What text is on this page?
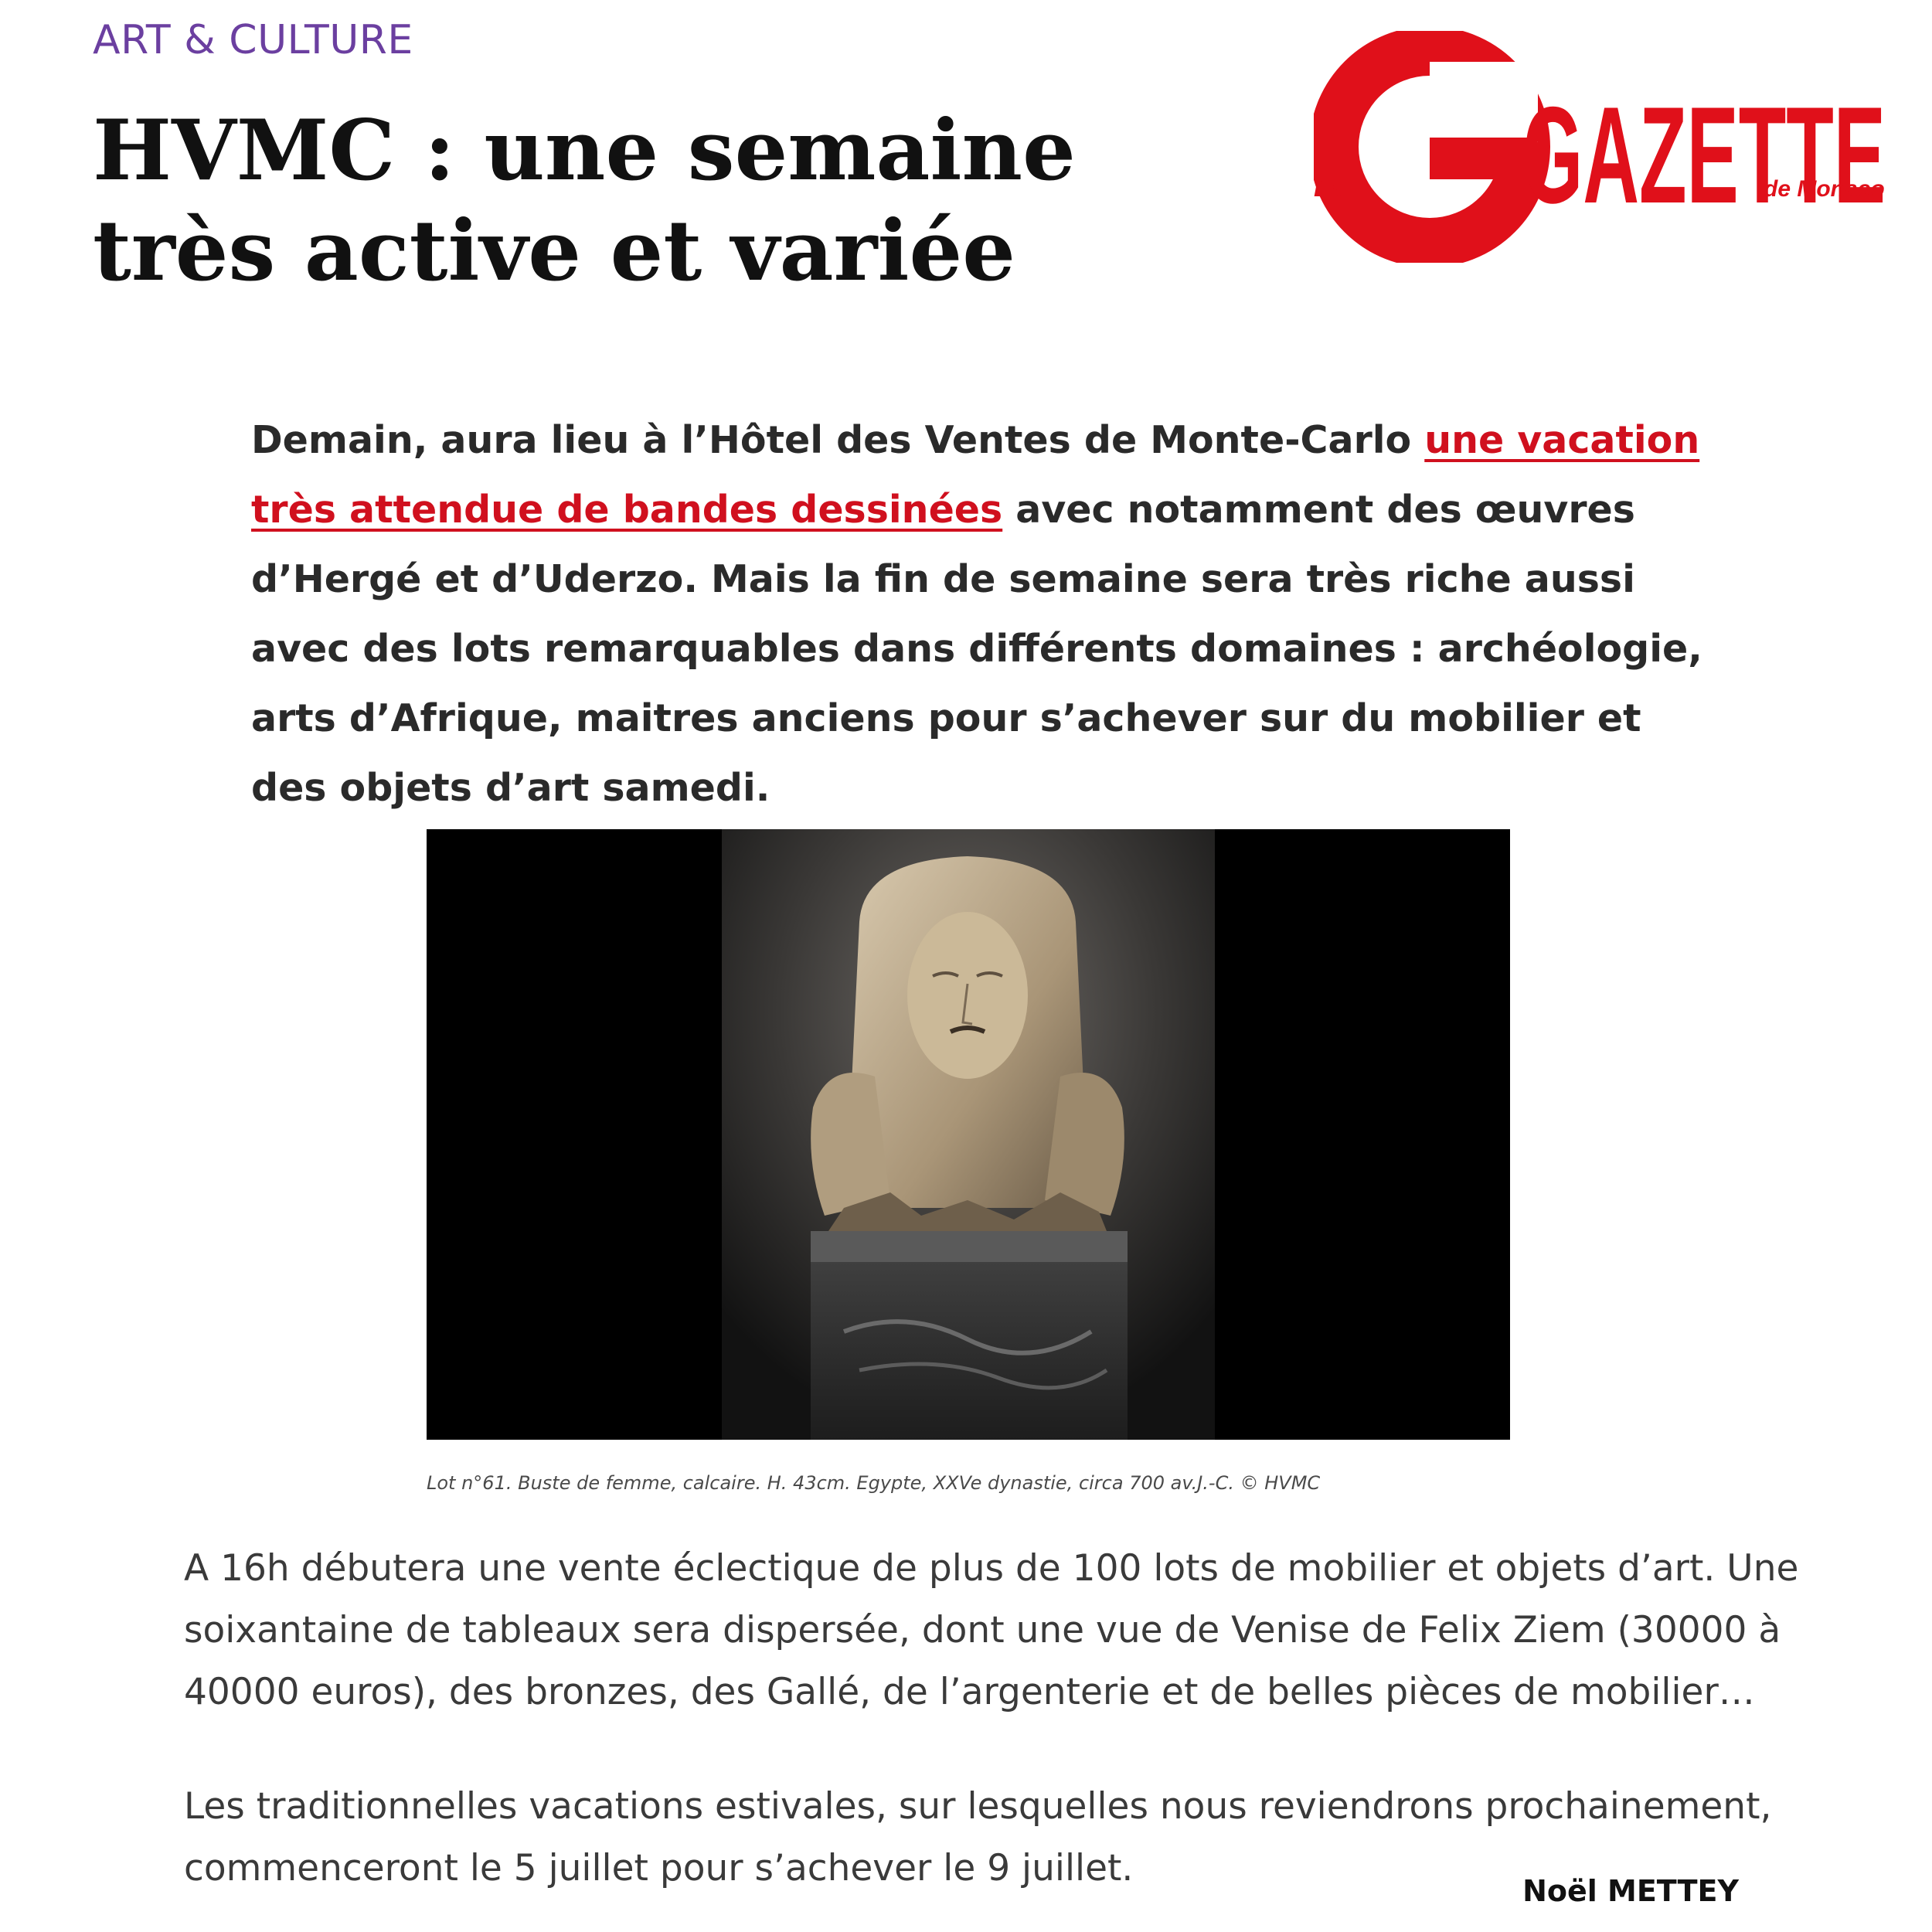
ART & CULTURE
HVMC : une semaine très active et variée
GAZETTE
La	de Monaco

Demain, aura lieu à l’Hôtel des Ventes de Monte-Carlo une vacation très attendue de bandes dessinées avec notamment des œuvres d’Hergé et d’Uderzo. Mais la fin de semaine sera très riche aussi avec des lots remarquables dans différents domaines : archéologie, arts d’Afrique, maitres anciens pour s’achever sur du mobilier et des objets d’art samedi.

Lot n°61. Buste de femme, calcaire. H. 43cm. Egypte, XXVe dynastie, circa 700 av.J.-C. © HVMC

A 16h débutera une vente éclectique de plus de 100 lots de mobilier et objets d’art. Une soixantaine de tableaux sera dispersée, dont une vue de Venise de Felix Ziem (30000 à 40000 euros), des bronzes, des Gallé, de l’argenterie et de belles pièces de mobilier…

Les traditionnelles vacations estivales, sur lesquelles nous reviendrons prochainement, commenceront le 5 juillet pour s’achever le 9 juillet.

Noël METTEY
